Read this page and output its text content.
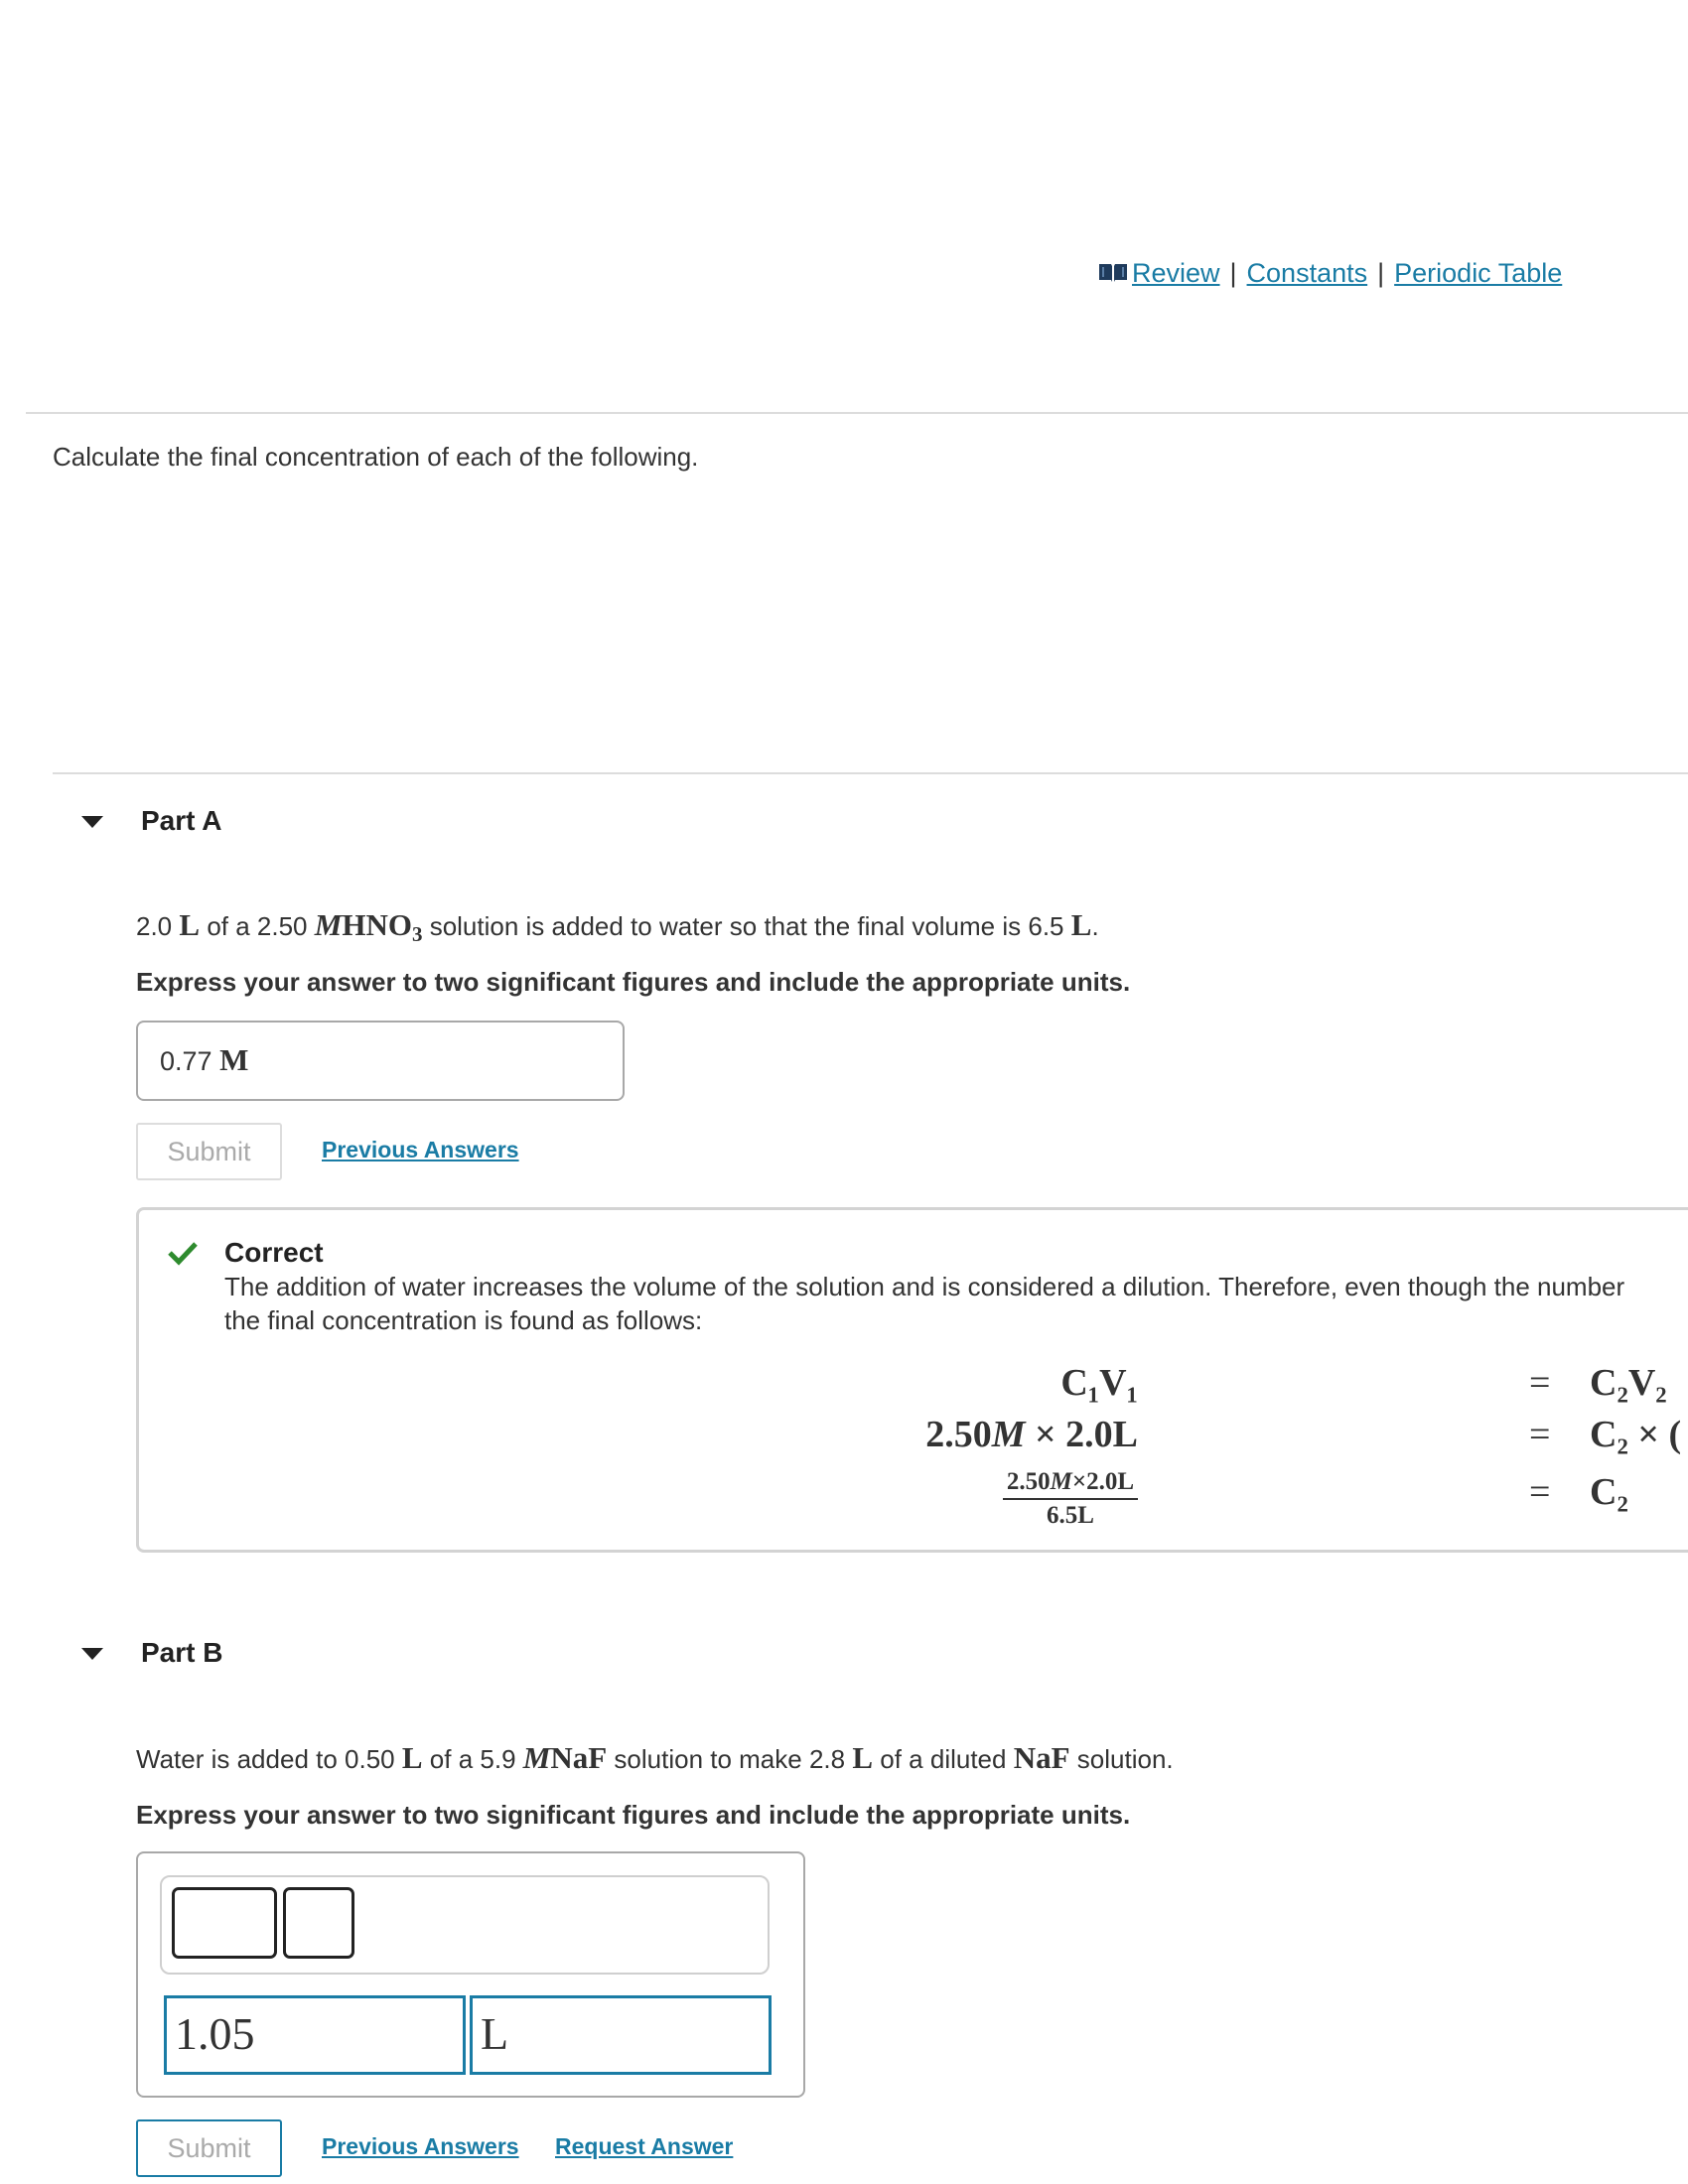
Review | Constants | Periodic Table
Calculate the final concentration of each of the following.
Part A
2.0 L of a 2.50 $MHNO_3$ solution is added to water so that the final volume is 6.5 L.
Express your answer to two significant figures and include the appropriate units.
0.77 M
Submit	Previous Answers
Correct
The addition of water increases the volume of the solution and is considered a dilution. Therefore, even though the number
the final concentration is found as follows:
C₁V₁	= C₂V₂
2.50M × 2.0L	= C₂ × (
2.50M×2.0L
6.5L
= C₂
Part B
Water is added to 0.50 L of a 5.9 MNaF solution to make 2.8 L of a diluted NaF solution.
Express your answer to two significant figures and include the appropriate units.
1.05	L
Submit	Previous Answers Request Answer
